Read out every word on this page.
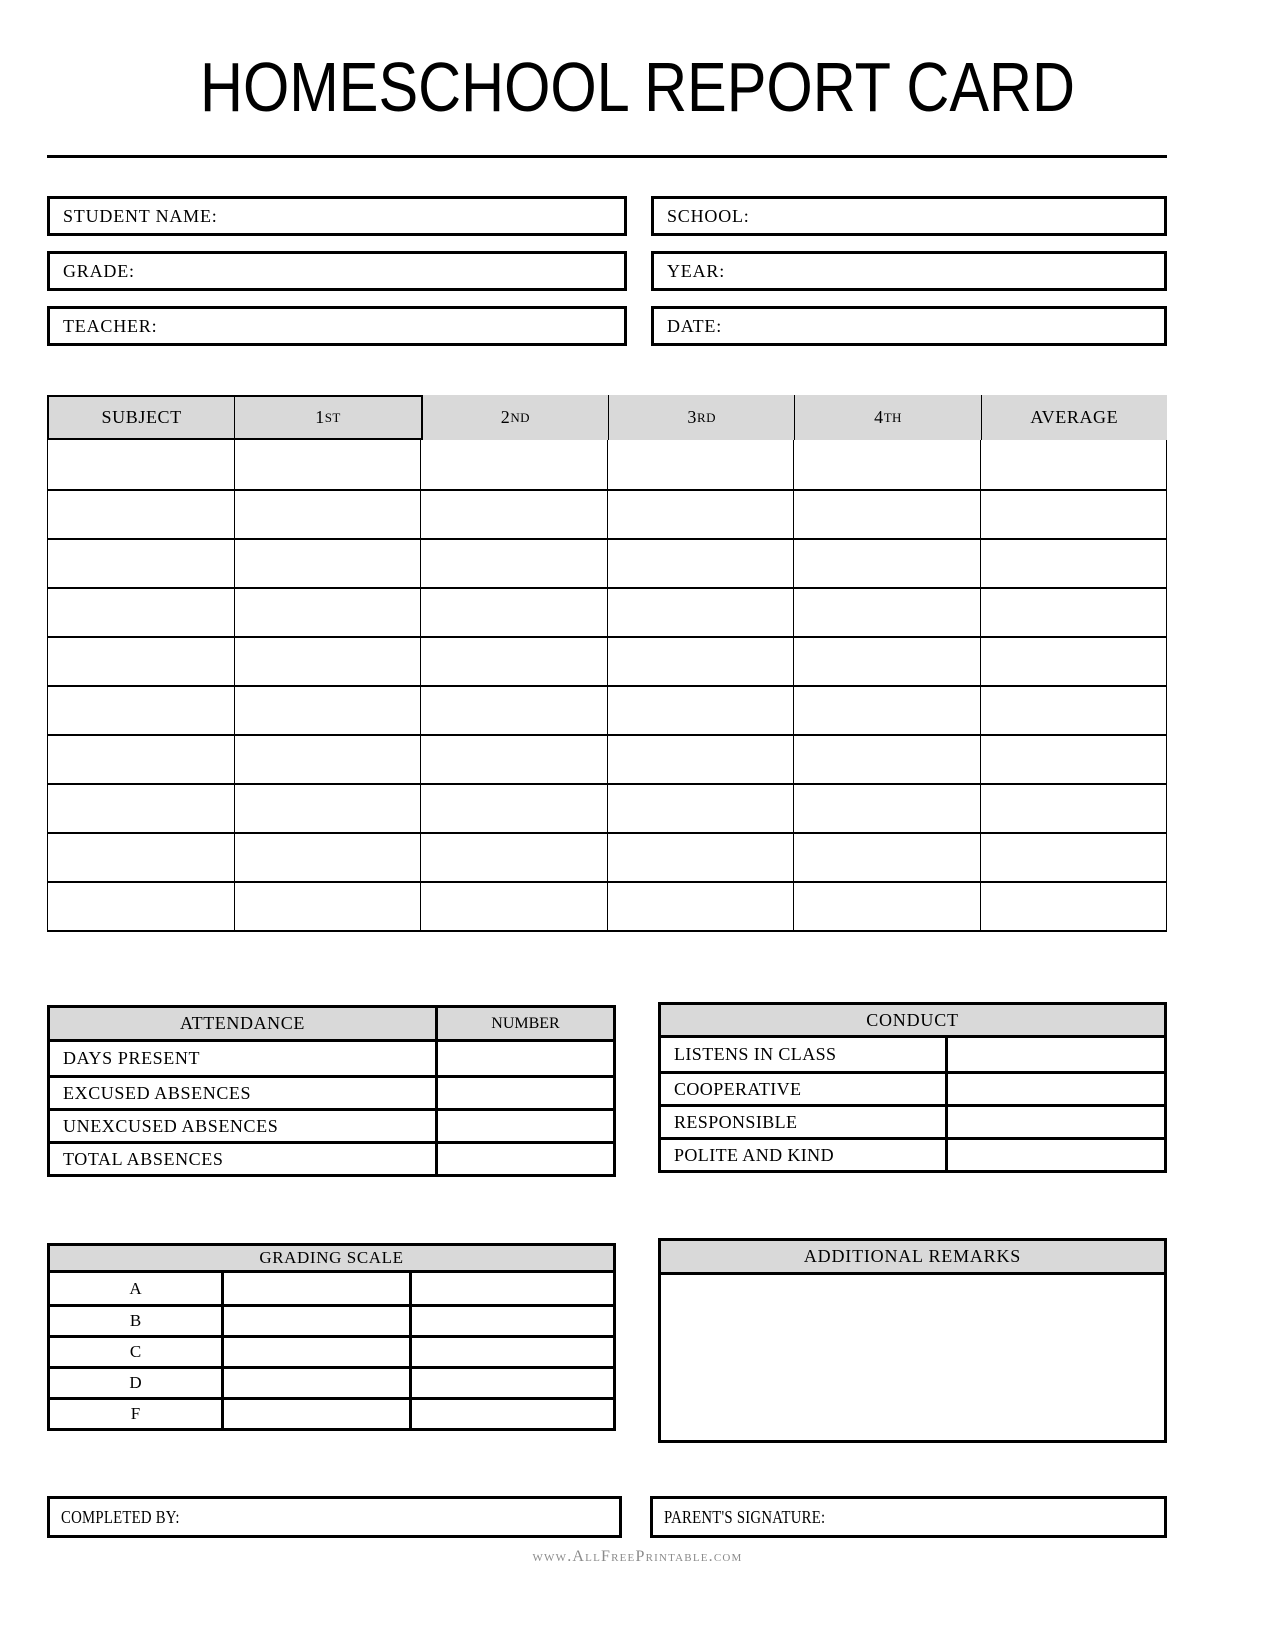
HOMESCHOOL REPORT CARD
STUDENT NAME:
GRADE:
TEACHER:
SCHOOL:
YEAR:
DATE:
SUBJECT	1 ST	2 ND	3 RD	4 TH	AVERAGE
ATTENDANCE	NUMBER
DAYS PRESENT
EXCUSED ABSENCES
UNEXCUSED ABSENCES
TOTAL ABSENCES
CONDUCT
LISTENS IN CLASS
COOPERATIVE
RESPONSIBLE
POLITE AND KIND
GRADING SCALE
A
B
C
D
F
ADDITIONAL REMARKS
COMPLETED BY:	PARENT'S SIGNATURE:
www.AllFreePrintable.com
